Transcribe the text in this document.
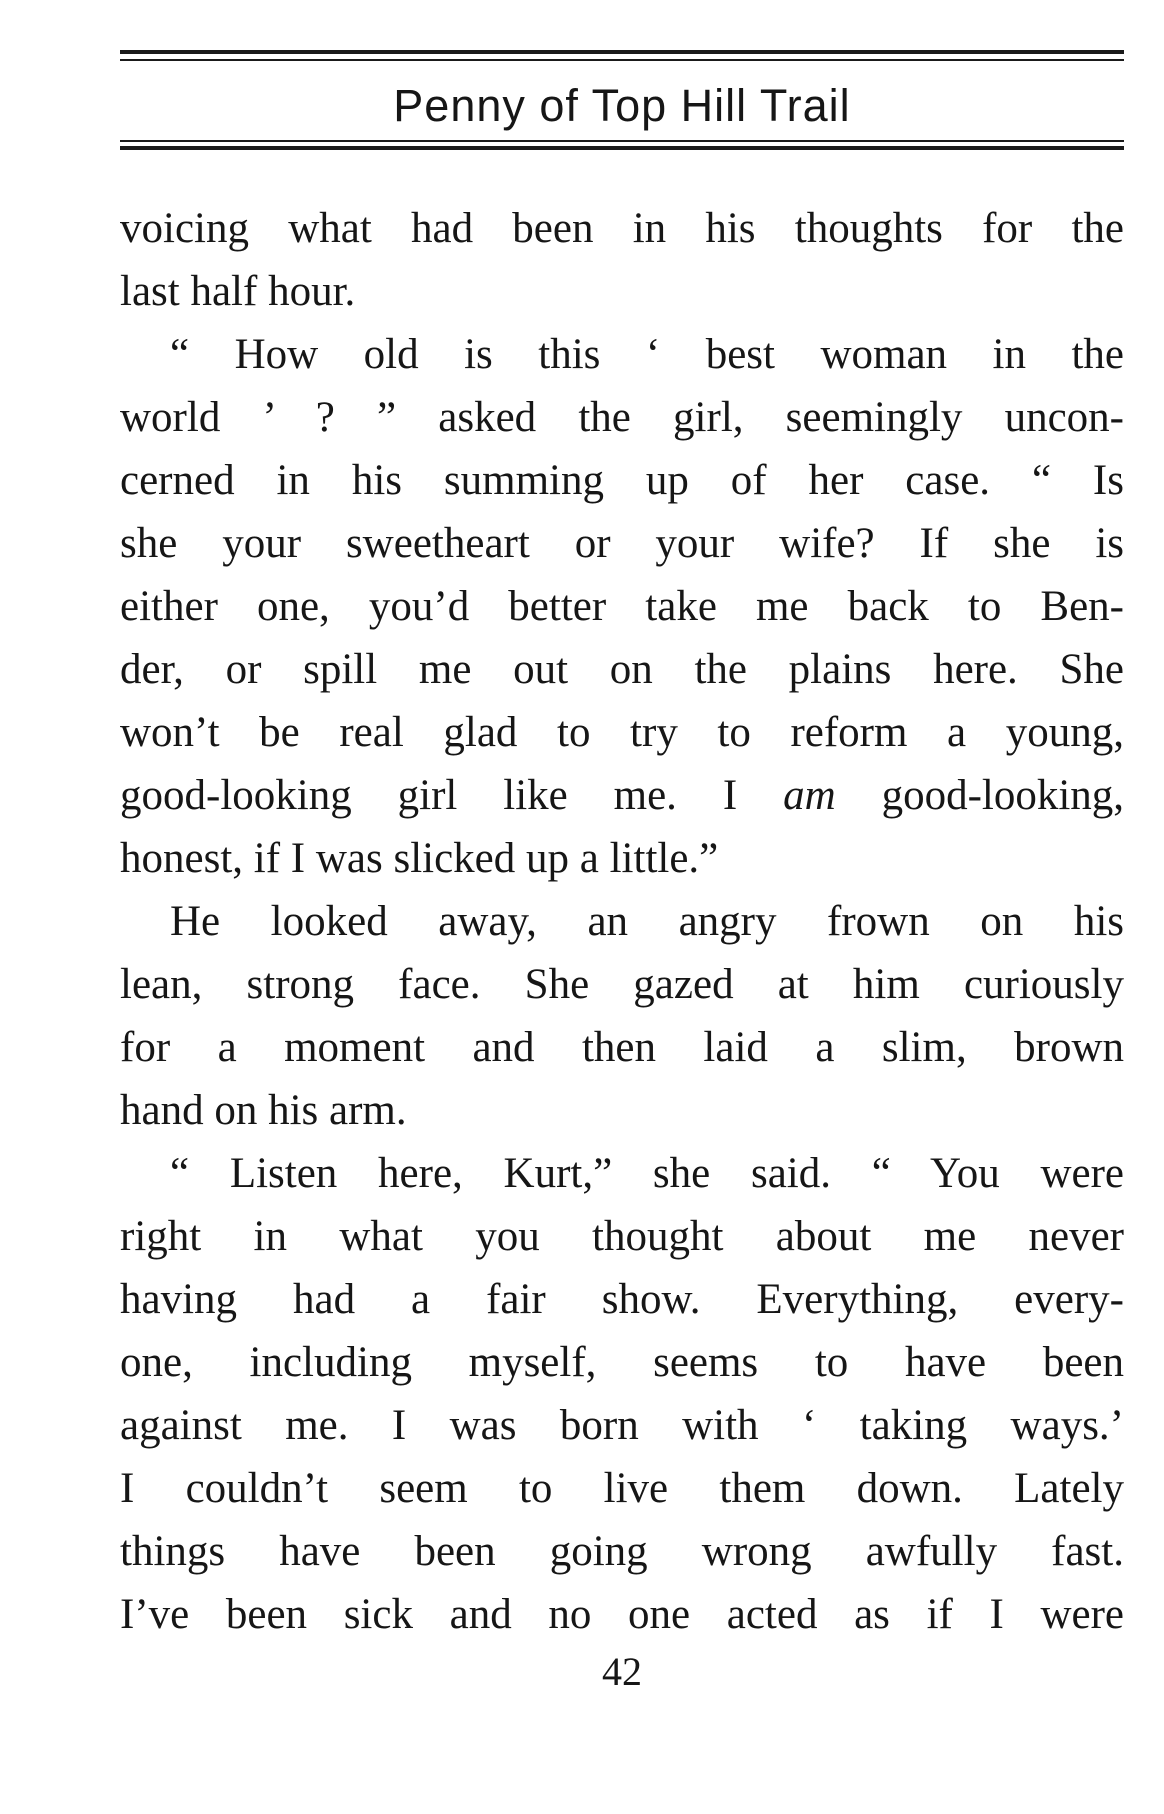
Penny of Top Hill Trail
voicing what had been in his thoughts for the
last half hour.
“ How old is this ‘ best woman in the
world ’ ? ” asked the girl, seemingly uncon-
cerned in his summing up of her case. “ Is
she your sweetheart or your wife? If she is
either one, you’d better take me back to Ben-
der, or spill me out on the plains here. She
won’t be real glad to try to reform a young,
good-looking girl like me. I am good-looking,
honest, if I was slicked up a little.”
He looked away, an angry frown on his
lean, strong face. She gazed at him curiously
for a moment and then laid a slim, brown
hand on his arm.
“ Listen here, Kurt,” she said. “ You were
right in what you thought about me never
having had a fair show. Everything, every-
one, including myself, seems to have been
against me. I was born with ‘ taking ways.’
I couldn’t seem to live them down. Lately
things have been going wrong awfully fast.
I’ve been sick and no one acted as if I were
42
